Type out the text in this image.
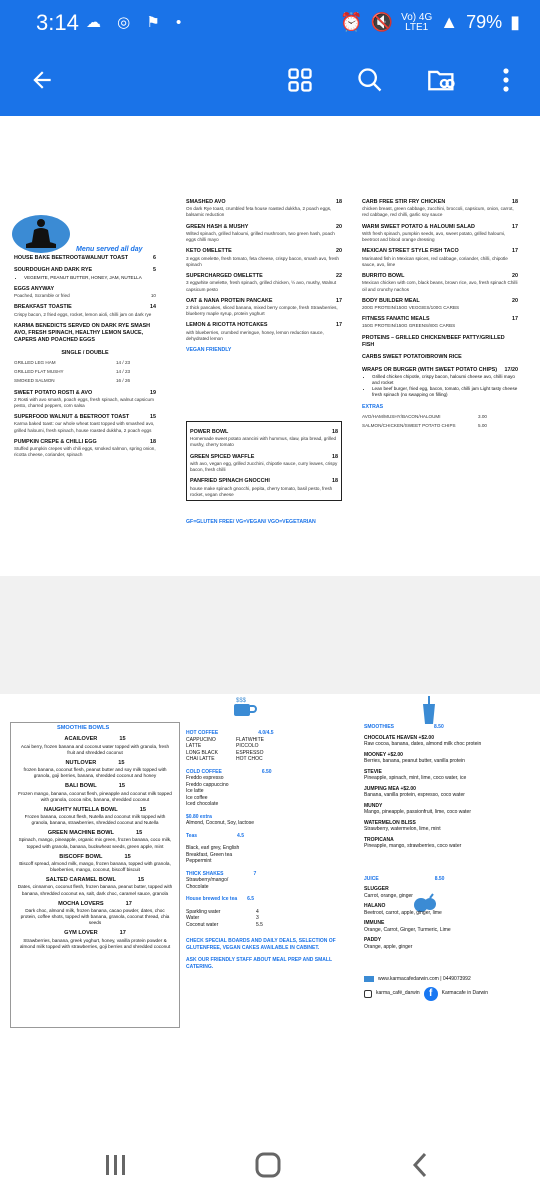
3:14 ☁ ◎ ⚑ •	⏰ 🔇 Vo) 4G
LTE1 ▲ 79% ▮
Menu served all day
HOUSE BAKE BEETROOT&WALNUT TOAST	6
SOURDOUGH AND DARK RYE	5
• VEGEMITE, PEANUT BUTTER, HONEY, JAM, NUTELLA
EGGS ANYWAY
Poached, Scramble or fried	10
BREAKFAST TOASTIE	14
Crispy bacon, 2 fried eggs, rocket, lemon aioli, chilli jam on dark rye
KARMA BENEDICTS SERVED ON DARK RYE SMASH AVO, FRESH SPINACH, HEALTHY LEMON SAUCE, CAPERS AND POACHED EGGS
SINGLE / DOUBLE
GRILLED LEG HAM	14 / 23
GRILLED FLAT MUSHY	14 / 23
SMOKED SALMON	16 / 26
SWEET POTATO ROSTI & AVO	19
2 Rosti with avo smash, poach eggs, fresh spinach, walnut capsicum pesto, charred peppers, corn salsa
SUPERFOOD WALNUT & BEETROOT TOAST	15
Karma baked toast: our whole wheat toast topped with smashed avo, grilled haloumi, fresh spinach, house roasted dukkha, 2 poach eggs
PUMPKIN CREPE & CHILLI EGG	18
Stuffed pumpkin crepes with chili eggs, smoked salmon, spring onion, ricotta cheese, coriander, spinach
SMASHED AVO	18
On dark Rye toast, crumbled feta house roasted dukkha, 2 poach eggs, balsamic reduction
GREEN HASH & MUSHY	20
Wilted spinach, grilled haloumi, grilled mushroom, two green hash, poach eggs chilli mayo
KETO OMELETTE	20
3 eggs omelette, fresh tomato, feta cheese, crispy bacon, smash avo, fresh spinach
SUPERCHARGED OMELETTE	22
3 eggwhite omelette, fresh spinach, grilled chicken, ½ avo, mushy, Walnut capsicum pesto
OAT & NANA PROTEIN PANCAKE	17
2 thick pancakes, sliced banana, mixed berry compote, fresh Strawberries, blueberry maple syrup, protein yoghurt
LEMON & RICOTTA HOTCAKES	17
with blueberries, crumbed meringue, honey, lemon reduction sauce, dehydrated lemon
VEGAN FRIENDLY
POWER BOWL	18
Homemade sweet potato arancini with hummus, slaw, pita bread, grilled mushy, cherry tomato
GREEN SPICED WAFFLE	18
with avo, vegan egg, grilled zucchini, chipotle sauce, curry leaves, crispy bacon, fresh chilli
PANFRIED SPINACH GNOCCHI	18
house make spinach gnocchi, pepita, cherry tomato, basil pesto, fresh rocket, vegan cheese
GF=GLUTEN FREE/ VG=VEGAN/ VGO=VEGETARIAN
CARB FREE STIR FRY CHICKEN	18
chicken breast, green cabbage, zucchini, broccoli, capsicum, onion, carrot, red cabbage, red chilli, garlic soy sauce
WARM SWEET POTATO & HALOUMI SALAD	17
With fresh spinach, pumpkin seeds, avo, sweet potato, grilled haloumi, beetroot and blood orange dressing
MEXICAN STREET STYLE FISH TACO	17
Marinated fish in Mexican spices, red cabbage, coriander, chilli, chipotle sauce, avo, lime
BURRITO BOWL	20
Mexican chicken with corn, black beans, brown rice, avo, fresh spinach Chilli oil and crunchy nachos
BODY BUILDER MEAL	20
200G PROTEIN/150G VEGGIES/100G CARBS
FITNESS FANATIC MEALS	17
150G PROTEIN/150G GREENS/80G CARBS
PROTEINS – GRILLED CHICKEN/BEEF PATTY/GRILLED FISH
CARBS SWEET POTATO/BROWN RICE
WRAPS OR BURGER (WITH SWEET POTATO CHIPS) 17/20
• Grilled chicken chipotle, crispy bacon, haloumi cheese avo, chilli mayo and rocket
• Lean beef burger, fried egg, bacon, tomato, chilli jam Light tasty cheese fresh spinach (no swapping on filling)
EXTRAS
AVO/HAM/MUSHY/BACON/HALOUMI	3.00
SALMON/CHICKEN/SWEET POTATO CHIPS	5.00
SMOOTHIE BOWLS
ACAILOVER	15
Acai berry, frozen banana and coconut water topped with granola, fresh fruit and shredded coconut
NUTLOVER	15
frozen banana, coconut flesh, peanut butter and soy milk topped with granola, goji berries, banana, shredded coconut and honey
BALI BOWL	15
Frozen mango, banana, coconut flesh, pineapple and coconut milk topped with granola, cocoa nibs, banana, shredded coconut
NAUGHTY NUTELLA BOWL	15
Frozen banana, coconut flesh, Nutella and coconut milk topped with granola, banana, strawberries, shredded coconut and Nutella
GREEN MACHINE BOWL	15
Spinach, mango, pineapple, organic mix green, frozen banana, coco milk, topped with granola, banana, buckwheat seeds, green apple, mint
BISCOFF BOWL	15
Biscoff spread, almond milk, mango, frozen banana, topped with granola, blueberries, mango, coconut, biscoff biscuit
SALTED CARAMEL BOWL	15
Dates, cinnamon, coconut flesh, frozen banana, peanut butter, topped with banana, shredded coconut ea, salt, dark choc, caramel sauce, granola
MOCHA LOVERS	17
Dark choc, almond milk, frozen banana, cacao powder, dates, choc protein, coffee shots, topped with banana, granola, coconut thread, chia seeds
GYM LOVER	17
Strawberries, banana, greek yoghurt, honey, vanilla protein powder & almond milk topped with strawberries, goji berries and shredded coconut
$$$
HOT COFFEE	4.0/4.5
CAPPUCINO	FLATWHITE
LATTE	PICCOLO
LONG BLACK	ESPRESSO
CHAI LATTE	HOT CHOC
COLD COFFEE	6.50
Freddo espresso
Freddo cappuccino
Ice latte
Ice coffee
Iced chocolate
$0.80 extra
Almond, Coconut, Soy, lactose
Teas	4.5
Black, earl grey, English Breakfast, Green tea Peppermint
THICK SHAKES	7
Strawberry/mango/ Chocolate
House brewed Ice tea 6.5
Sparkling water	4
Water	3
Coconut water	5.5
CHECK SPECIAL BOARDS AND DAILY DEALS, SELECTION OF GLUTENFREE, VEGAN CAKES AVAILABLE IN CABINET.
ASK OUR FRIENDLY STAFF ABOUT MEAL PREP AND SMALL CATERING.
SMOOTHIES	8.50
CHOCOLATE HEAVEN +$2.00
Raw cocoa, banana, dates, almond milk choc protein
MOONEY +$2.00
Berries, banana, peanut butter, vanilla protein
STEVIE
Pineapple, spinach, mint, lime, coco water, ice
JUMPING MEA +$2.00
Banana, vanilla protein, espresso, coco water
MUNDY
Mango, pineapple, passionfruit, lime, coco water
WATERMELON BLISS
Strawberry, watermelon, lime, mint
TROPICANA
Pineapple, mango, strawberries, coco water
JUICE	8.50
SLUGGER
Carrot, orange, ginger
HALANO
Beetroot, carrot, apple, ginger, lime
IMMUNE
Orange, Carrot, Ginger, Turmeric, Lime
PADDY
Orange, apple, ginger
www.karmacafedarwin.com | 0449073992
karma_café_darwin f	Karmacafe in Darwin
